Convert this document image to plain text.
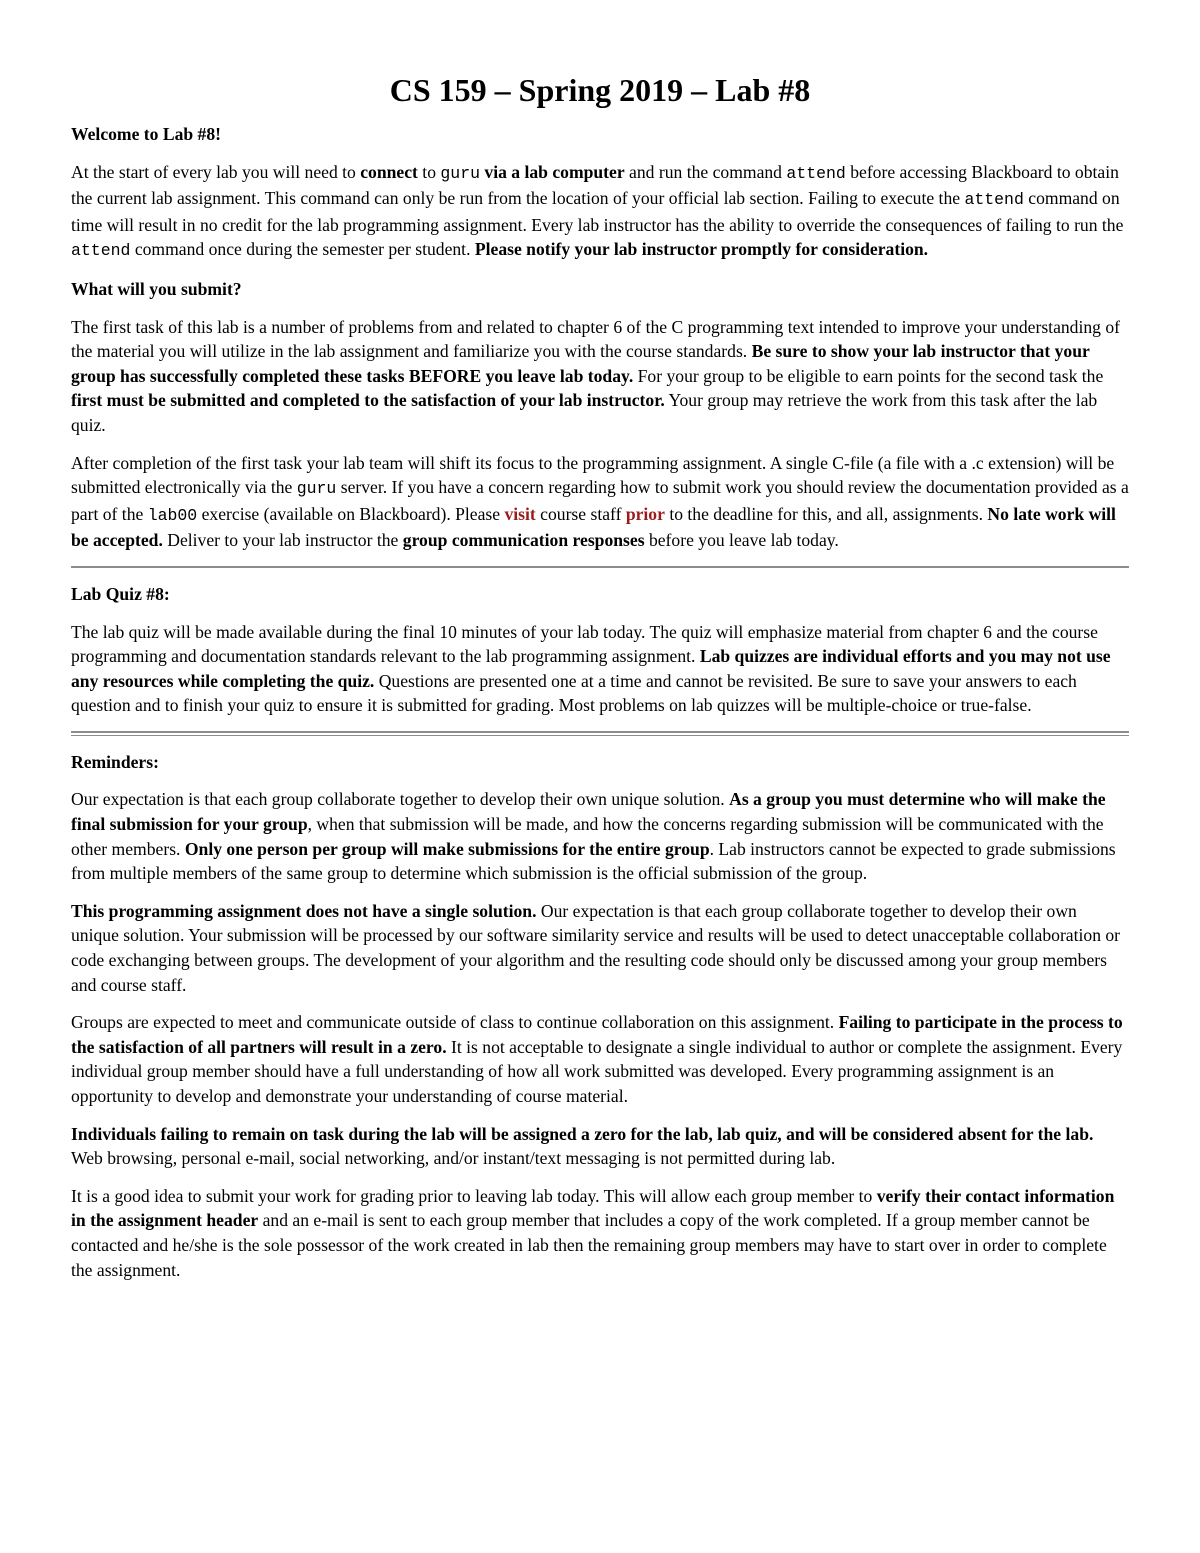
CS 159 – Spring 2019 – Lab #8
Welcome to Lab #8!

At the start of every lab you will need to connect to guru via a lab computer and run the command attend before accessing Blackboard to obtain the current lab assignment. This command can only be run from the location of your official lab section. Failing to execute the attend command on time will result in no credit for the lab programming assignment. Every lab instructor has the ability to override the consequences of failing to run the attend command once during the semester per student. Please notify your lab instructor promptly for consideration.

What will you submit?

The first task of this lab is a number of problems from and related to chapter 6 of the C programming text intended to improve your understanding of the material you will utilize in the lab assignment and familiarize you with the course standards. Be sure to show your lab instructor that your group has successfully completed these tasks BEFORE you leave lab today. For your group to be eligible to earn points for the second task the first must be submitted and completed to the satisfaction of your lab instructor. Your group may retrieve the work from this task after the lab quiz.

After completion of the first task your lab team will shift its focus to the programming assignment. A single C-file (a file with a .c extension) will be submitted electronically via the guru server. If you have a concern regarding how to submit work you should review the documentation provided as a part of the lab00 exercise (available on Blackboard). Please visit course staff prior to the deadline for this, and all, assignments. No late work will be accepted. Deliver to your lab instructor the group communication responses before you leave lab today.

Lab Quiz #8:

The lab quiz will be made available during the final 10 minutes of your lab today. The quiz will emphasize material from chapter 6 and the course programming and documentation standards relevant to the lab programming assignment. Lab quizzes are individual efforts and you may not use any resources while completing the quiz. Questions are presented one at a time and cannot be revisited. Be sure to save your answers to each question and to finish your quiz to ensure it is submitted for grading. Most problems on lab quizzes will be multiple-choice or true-false.

Reminders:

Our expectation is that each group collaborate together to develop their own unique solution. As a group you must determine who will make the final submission for your group, when that submission will be made, and how the concerns regarding submission will be communicated with the other members. Only one person per group will make submissions for the entire group. Lab instructors cannot be expected to grade submissions from multiple members of the same group to determine which submission is the official submission of the group.

This programming assignment does not have a single solution. Our expectation is that each group collaborate together to develop their own unique solution. Your submission will be processed by our software similarity service and results will be used to detect unacceptable collaboration or code exchanging between groups. The development of your algorithm and the resulting code should only be discussed among your group members and course staff.

Groups are expected to meet and communicate outside of class to continue collaboration on this assignment. Failing to participate in the process to the satisfaction of all partners will result in a zero. It is not acceptable to designate a single individual to author or complete the assignment. Every individual group member should have a full understanding of how all work submitted was developed. Every programming assignment is an opportunity to develop and demonstrate your understanding of course material.

Individuals failing to remain on task during the lab will be assigned a zero for the lab, lab quiz, and will be considered absent for the lab. Web browsing, personal e-mail, social networking, and/or instant/text messaging is not permitted during lab.

It is a good idea to submit your work for grading prior to leaving lab today. This will allow each group member to verify their contact information in the assignment header and an e-mail is sent to each group member that includes a copy of the work completed. If a group member cannot be contacted and he/she is the sole possessor of the work created in lab then the remaining group members may have to start over in order to complete the assignment.
